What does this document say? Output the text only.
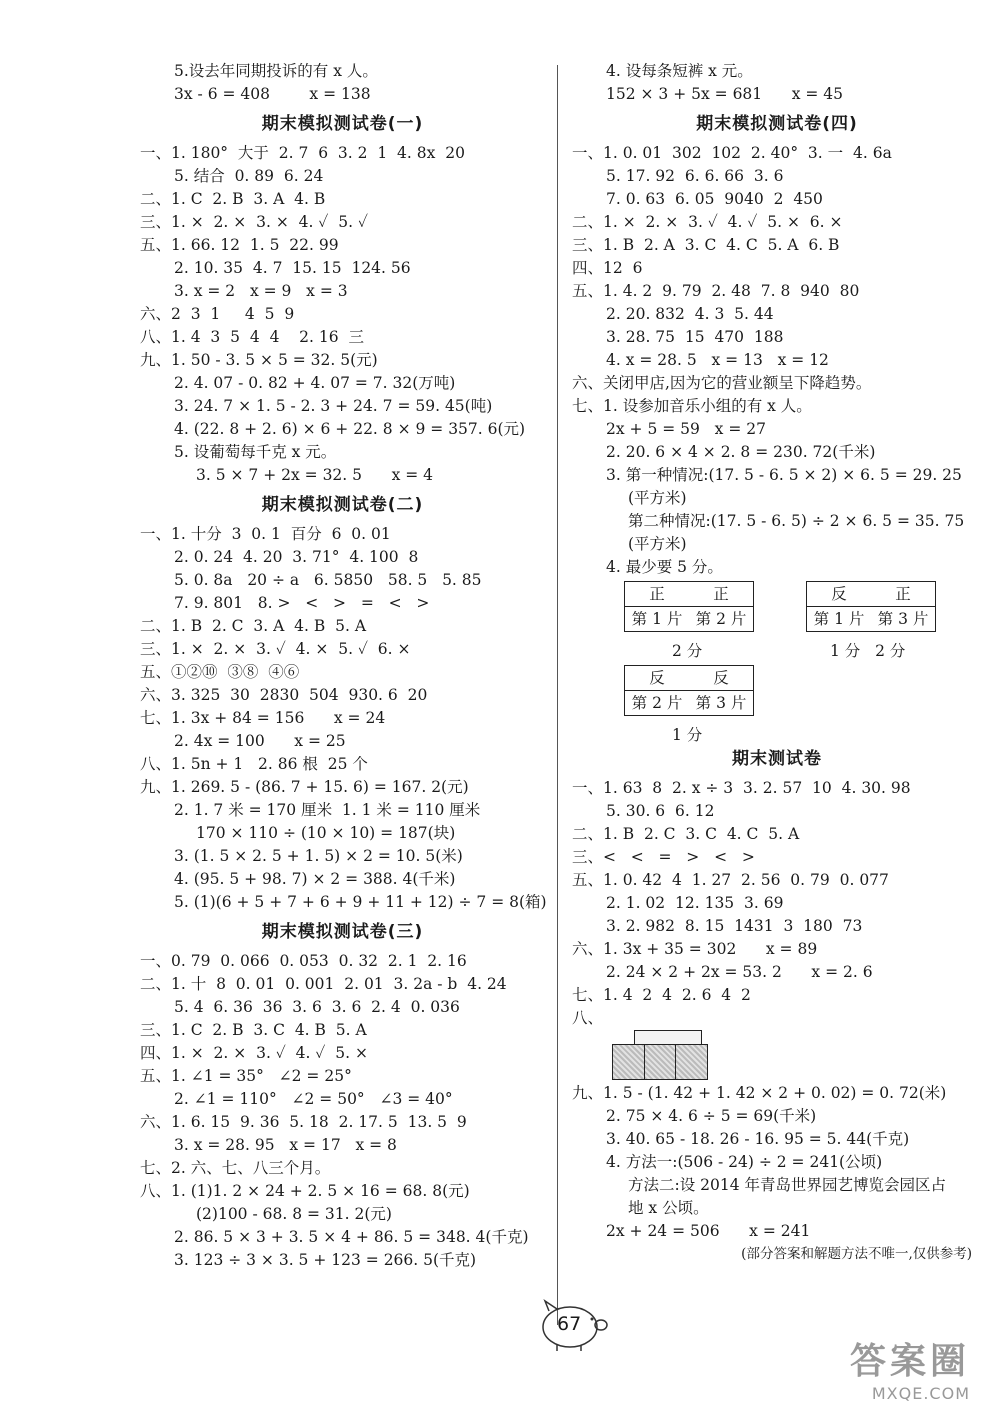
5.设去年同期投诉的有 x 人。
3x - 6 = 408        x = 138
期末模拟测试卷(一)
一、1. 180°  大于  2. 7  6  3. 2  1  4. 8x  20
5. 结合  0. 89  6. 24
二、1. C  2. B  3. A  4. B
三、1. ×  2. ×  3. ×  4. ✓  5. ✓
五、1. 66. 12  1. 5  22. 99
2. 10. 35  4. 7  15. 15  124. 56
3. x = 2   x = 9   x = 3
六、2  3  1     4  5  9
八、1. 4  3  5  4  4    2. 16  三
九、1. 50 - 3. 5 × 5 = 32. 5(元)
2. 4. 07 - 0. 82 + 4. 07 = 7. 32(万吨)
3. 24. 7 × 1. 5 - 2. 3 + 24. 7 = 59. 45(吨)
4. (22. 8 + 2. 6) × 6 + 22. 8 × 9 = 357. 6(元)
5. 设葡萄每千克 x 元。
3. 5 × 7 + 2x = 32. 5      x = 4
期末模拟测试卷(二)
一、1. 十分  3  0. 1  百分  6  0. 01
2. 0. 24  4. 20  3. 71°  4. 100  8
5. 0. 8a   20 ÷ a   6. 5850   58. 5   5. 85
7. 9. 801   8. >   <   >   =   <   >
二、1. B  2. C  3. A  4. B  5. A
三、1. ×  2. ×  3. ✓  4. ×  5. ✓  6. ×
五、①②⑩  ③⑧  ④⑥
六、3. 325  30  2830  504  930. 6  20
七、1. 3x + 84 = 156      x = 24
2. 4x = 100      x = 25
八、1. 5n + 1   2. 86 根  25 个
九、1. 269. 5 - (86. 7 + 15. 6) = 167. 2(元)
2. 1. 7 米 = 170 厘米  1. 1 米 = 110 厘米
170 × 110 ÷ (10 × 10) = 187(块)
3. (1. 5 × 2. 5 + 1. 5) × 2 = 10. 5(米)
4. (95. 5 + 98. 7) × 2 = 388. 4(千米)
5. (1)(6 + 5 + 7 + 6 + 9 + 11 + 12) ÷ 7 = 8(箱)
期末模拟测试卷(三)
一、0. 79  0. 066  0. 053  0. 32  2. 1  2. 16
二、1. 十  8  0. 01  0. 001  2. 01  3. 2a - b  4. 24
5. 4  6. 36  36  3. 6  3. 6  2. 4  0. 036
三、1. C  2. B  3. C  4. B  5. A
四、1. ×  2. ×  3. ✓  4. ✓  5. ×
五、1. ∠1 = 35°   ∠2 = 25°
2. ∠1 = 110°   ∠2 = 50°   ∠3 = 40°
六、1. 6. 15  9. 36  5. 18  2. 17. 5  13. 5  9
3. x = 28. 95   x = 17   x = 8
七、2. 六、七、八三个月。
八、1. (1)1. 2 × 24 + 2. 5 × 16 = 68. 8(元)
(2)100 - 68. 8 = 31. 2(元)
2. 86. 5 × 3 + 3. 5 × 4 + 86. 5 = 348. 4(千克)
3. 123 ÷ 3 × 3. 5 + 123 = 266. 5(千克)
4. 设每条短裤 x 元。
152 × 3 + 5x = 681      x = 45
期末模拟测试卷(四)
一、1. 0. 01  302  102  2. 40°  3. 一  4. 6a
5. 17. 92  6. 6. 66  3. 6
7. 0. 63  6. 05  9040  2  450
二、1. ×  2. ×  3. ✓  4. ✓  5. ×  6. ×
三、1. B  2. A  3. C  4. C  5. A  6. B
四、12  6
五、1. 4. 2  9. 79  2. 48  7. 8  940  80
2. 20. 832  4. 3  5. 44
3. 28. 75  15  470  188
4. x = 28. 5   x = 13   x = 12
六、关闭甲店,因为它的营业额呈下降趋势。
七、1. 设参加音乐小组的有 x 人。
2x + 5 = 59   x = 27
2. 20. 6 × 4 × 2. 8 = 230. 72(千米)
3. 第一种情况:(17. 5 - 6. 5 × 2) × 6. 5 = 29. 25
(平方米)
第二种情况:(17. 5 - 6. 5) ÷ 2 × 6. 5 = 35. 75
(平方米)
4. 最少要 5 分。
正	正
第 1 片 第 2 片
2 分
反	正
第 1 片 第 3 片
1 分   2 分
反	反
第 2 片 第 3 片
1 分
期末测试卷
一、1. 63  8  2. x ÷ 3  3. 2. 57  10  4. 30. 98
5. 30. 6  6. 12
二、1. B  2. C  3. C  4. C  5. A
三、<   <   =   >   <   >
五、1. 0. 42  4  1. 27  2. 56  0. 79  0. 077
2. 1. 02  12. 135  3. 69
3. 2. 982  8. 15  1431  3  180  73
六、1. 3x + 35 = 302      x = 89
2. 24 × 2 + 2x = 53. 2      x = 2. 6
七、1. 4  2  4  2. 6  4  2
八、
九、1. 5 - (1. 42 + 1. 42 × 2 + 0. 02) = 0. 72(米)
2. 75 × 4. 6 ÷ 5 = 69(千米)
3. 40. 65 - 18. 26 - 16. 95 = 5. 44(千克)
4. 方法一:(506 - 24) ÷ 2 = 241(公顷)
方法二:设 2014 年青岛世界园艺博览会园区占
地 x 公顷。
2x + 24 = 506      x = 241
(部分答案和解题方法不唯一,仅供参考)
67
答案圈
MXQE.COM
